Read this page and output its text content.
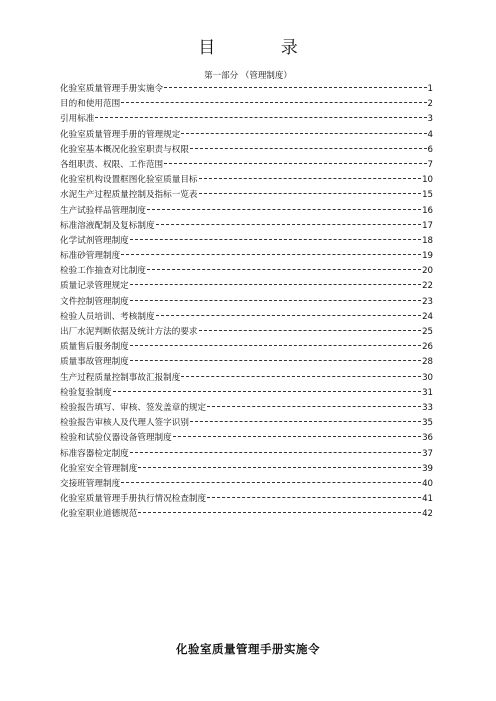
目 录
第一部分 （管理制度）
化验室质量管理手册实施令	1
目的和使用范围	2
引用标准	3
化验室质量管理手册的管理规定	4
化验室基本概况化验室职责与权限	6
各组职责、权限、工作范围	7
化验室机构设置框图化验室质量目标	10
水泥生产过程质量控制及指标一览表	15
生产试验样品管理制度	16
标准溶液配制及复标制度	17
化学试剂管理制度	18
标准砂管理制度	19
检验工作抽查对比制度	20
质量记录管理规定	22
文件控制管理制度	23
检验人员培训、考核制度	24
出厂水泥判断依据及统计方法的要求	25
质量售后服务制度	26
质量事故管理制度	28
生产过程质量控制事故汇报制度	30
检验复验制度	31
检验报告填写、审核、签发盖章的规定	33
检验报告审核人及代理人签字识别	35
检验和试验仪器设备管理制度	36
标准容器检定制度	37
化验室安全管理制度	39
交接班管理制度	40
化验室质量管理手册执行情况检查制度	41
化验室职业道德规范	42
化验室质量管理手册实施令
